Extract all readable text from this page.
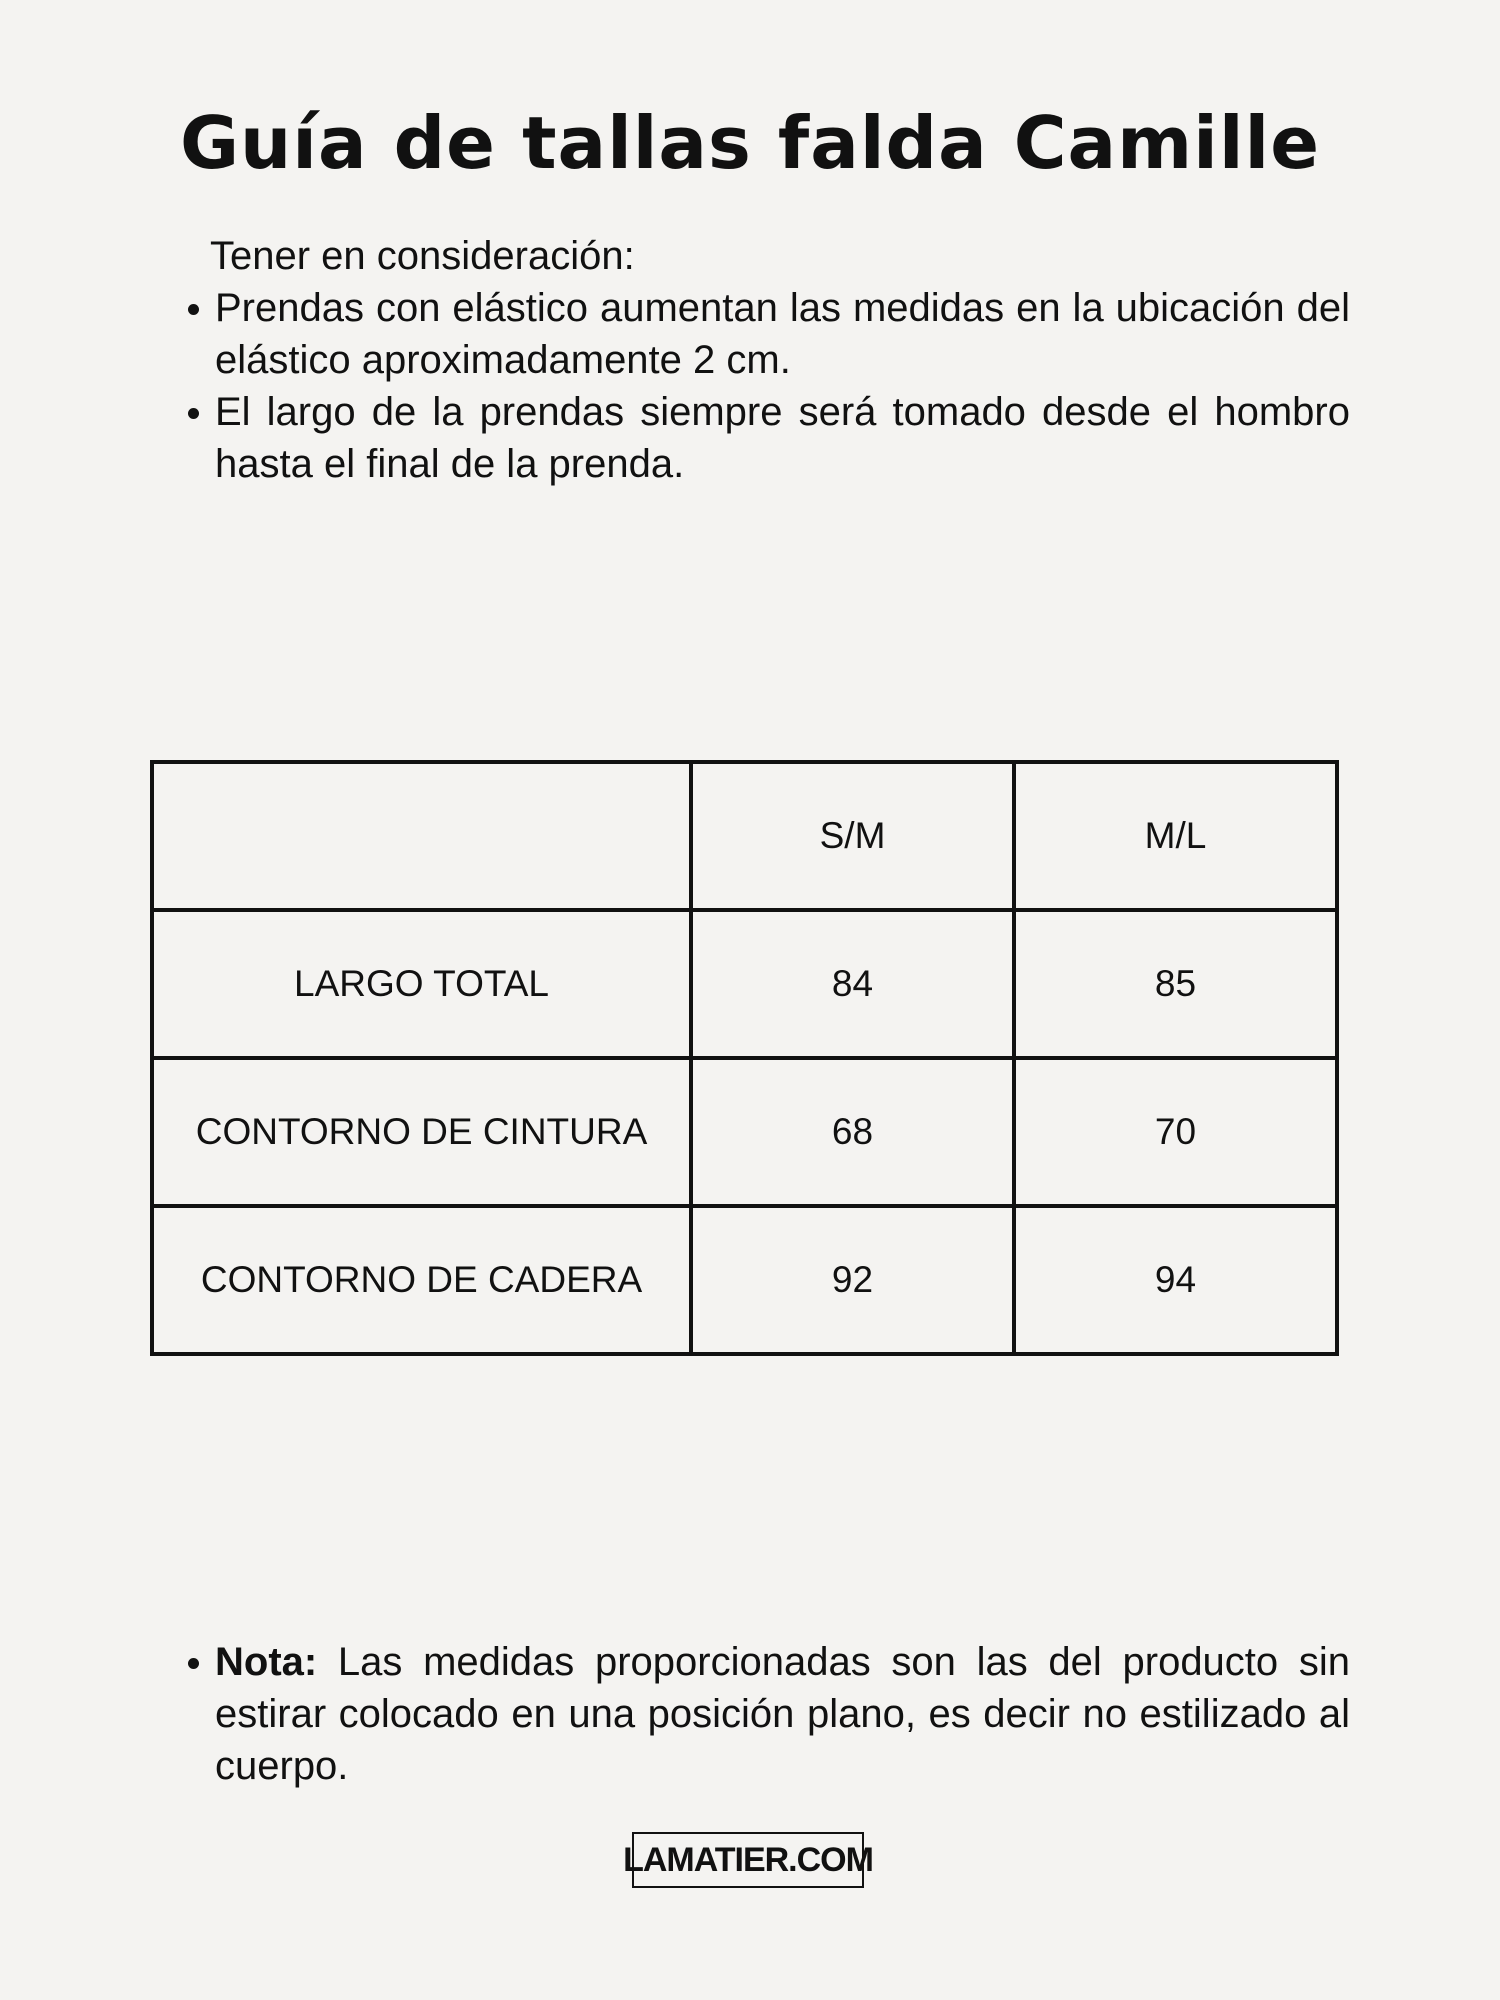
Guía de tallas falda Camille

Tener en consideración:

Prendas con elástico aumentan las medidas en la ubicación del elástico aproximadamente 2 cm.
El largo de la prendas siempre será tomado desde el hombro hasta el final de la prenda.
	S/M	M/L
LARGO TOTAL	84	85
CONTORNO DE CINTURA	68	70
CONTORNO DE CADERA	92	94
Nota: Las medidas proporcionadas son las del producto sin estirar colocado en una posición plano, es decir no estilizado al cuerpo.
LAMATIER.COM
